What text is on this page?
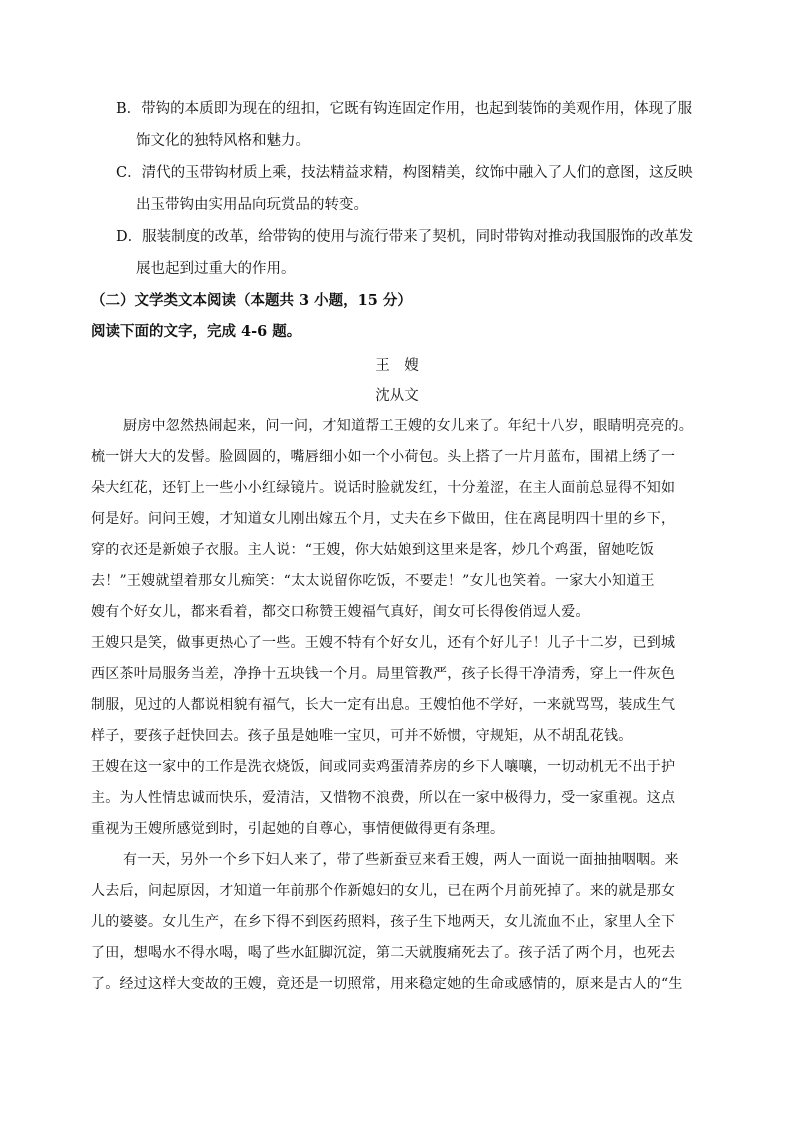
B．带钩的本质即为现在的纽扣，它既有钩连固定作用，也起到装饰的美观作用，体现了服
饰文化的独特风格和魅力。
C．清代的玉带钩材质上乘，技法精益求精，构图精美，纹饰中融入了人们的意图，这反映
出玉带钩由实用品向玩赏品的转变。
D．服装制度的改革，给带钩的使用与流行带来了契机，同时带钩对推动我国服饰的改革发
展也起到过重大的作用。
（二）文学类文本阅读（本题共 3 小题，15 分）
阅读下面的文字，完成 4-6 题。
王　嫂
沈从文
厨房中忽然热闹起来，问一问，才知道帮工王嫂的女儿来了。年纪十八岁，眼睛明亮亮的。
梳一饼大大的发髻。脸圆圆的，嘴唇细小如一个小荷包。头上搭了一片月蓝布，围裙上绣了一
朵大红花，还钉上一些小小红绿镜片。说话时脸就发红，十分羞涩，在主人面前总显得不知如
何是好。问问王嫂，才知道女儿刚出嫁五个月，丈夫在乡下做田，住在离昆明四十里的乡下，
穿的衣还是新娘子衣服。主人说：“王嫂，你大姑娘到这里来是客，炒几个鸡蛋，留她吃饭
去！”王嫂就望着那女儿痴笑：“太太说留你吃饭，不要走！”女儿也笑着。一家大小知道王
嫂有个好女儿，都来看着，都交口称赞王嫂福气真好，闺女可长得俊俏逗人爱。
王嫂只是笑，做事更热心了一些。王嫂不特有个好女儿，还有个好儿子！儿子十二岁，已到城
西区茶叶局服务当差，净挣十五块钱一个月。局里管教严，孩子长得干净清秀，穿上一件灰色
制服，见过的人都说相貌有福气，长大一定有出息。王嫂怕他不学好，一来就骂骂，装成生气
样子，要孩子赶快回去。孩子虽是她唯一宝贝，可并不娇惯，守规矩，从不胡乱花钱。
王嫂在这一家中的工作是洗衣烧饭，间或同卖鸡蛋清荞房的乡下人嚷嚷，一切动机无不出于护
主。为人性情忠诚而快乐，爱清洁，又惜物不浪费，所以在一家中极得力，受一家重视。这点
重视为王嫂所感觉到时，引起她的自尊心，事情便做得更有条理。
有一天，另外一个乡下妇人来了，带了些新蚕豆来看王嫂，两人一面说一面抽抽咽咽。来
人去后，问起原因，才知道一年前那个作新媳妇的女儿，已在两个月前死掉了。来的就是那女
儿的婆婆。女儿生产，在乡下得不到医药照料，孩子生下地两天，女儿流血不止，家里人全下
了田，想喝水不得水喝，喝了些水缸脚沉淀，第二天就腹痛死去了。孩子活了两个月，也死去
了。经过这样大变故的王嫂，竟还是一切照常，用来稳定她的生命或感情的，原来是古人的“生
